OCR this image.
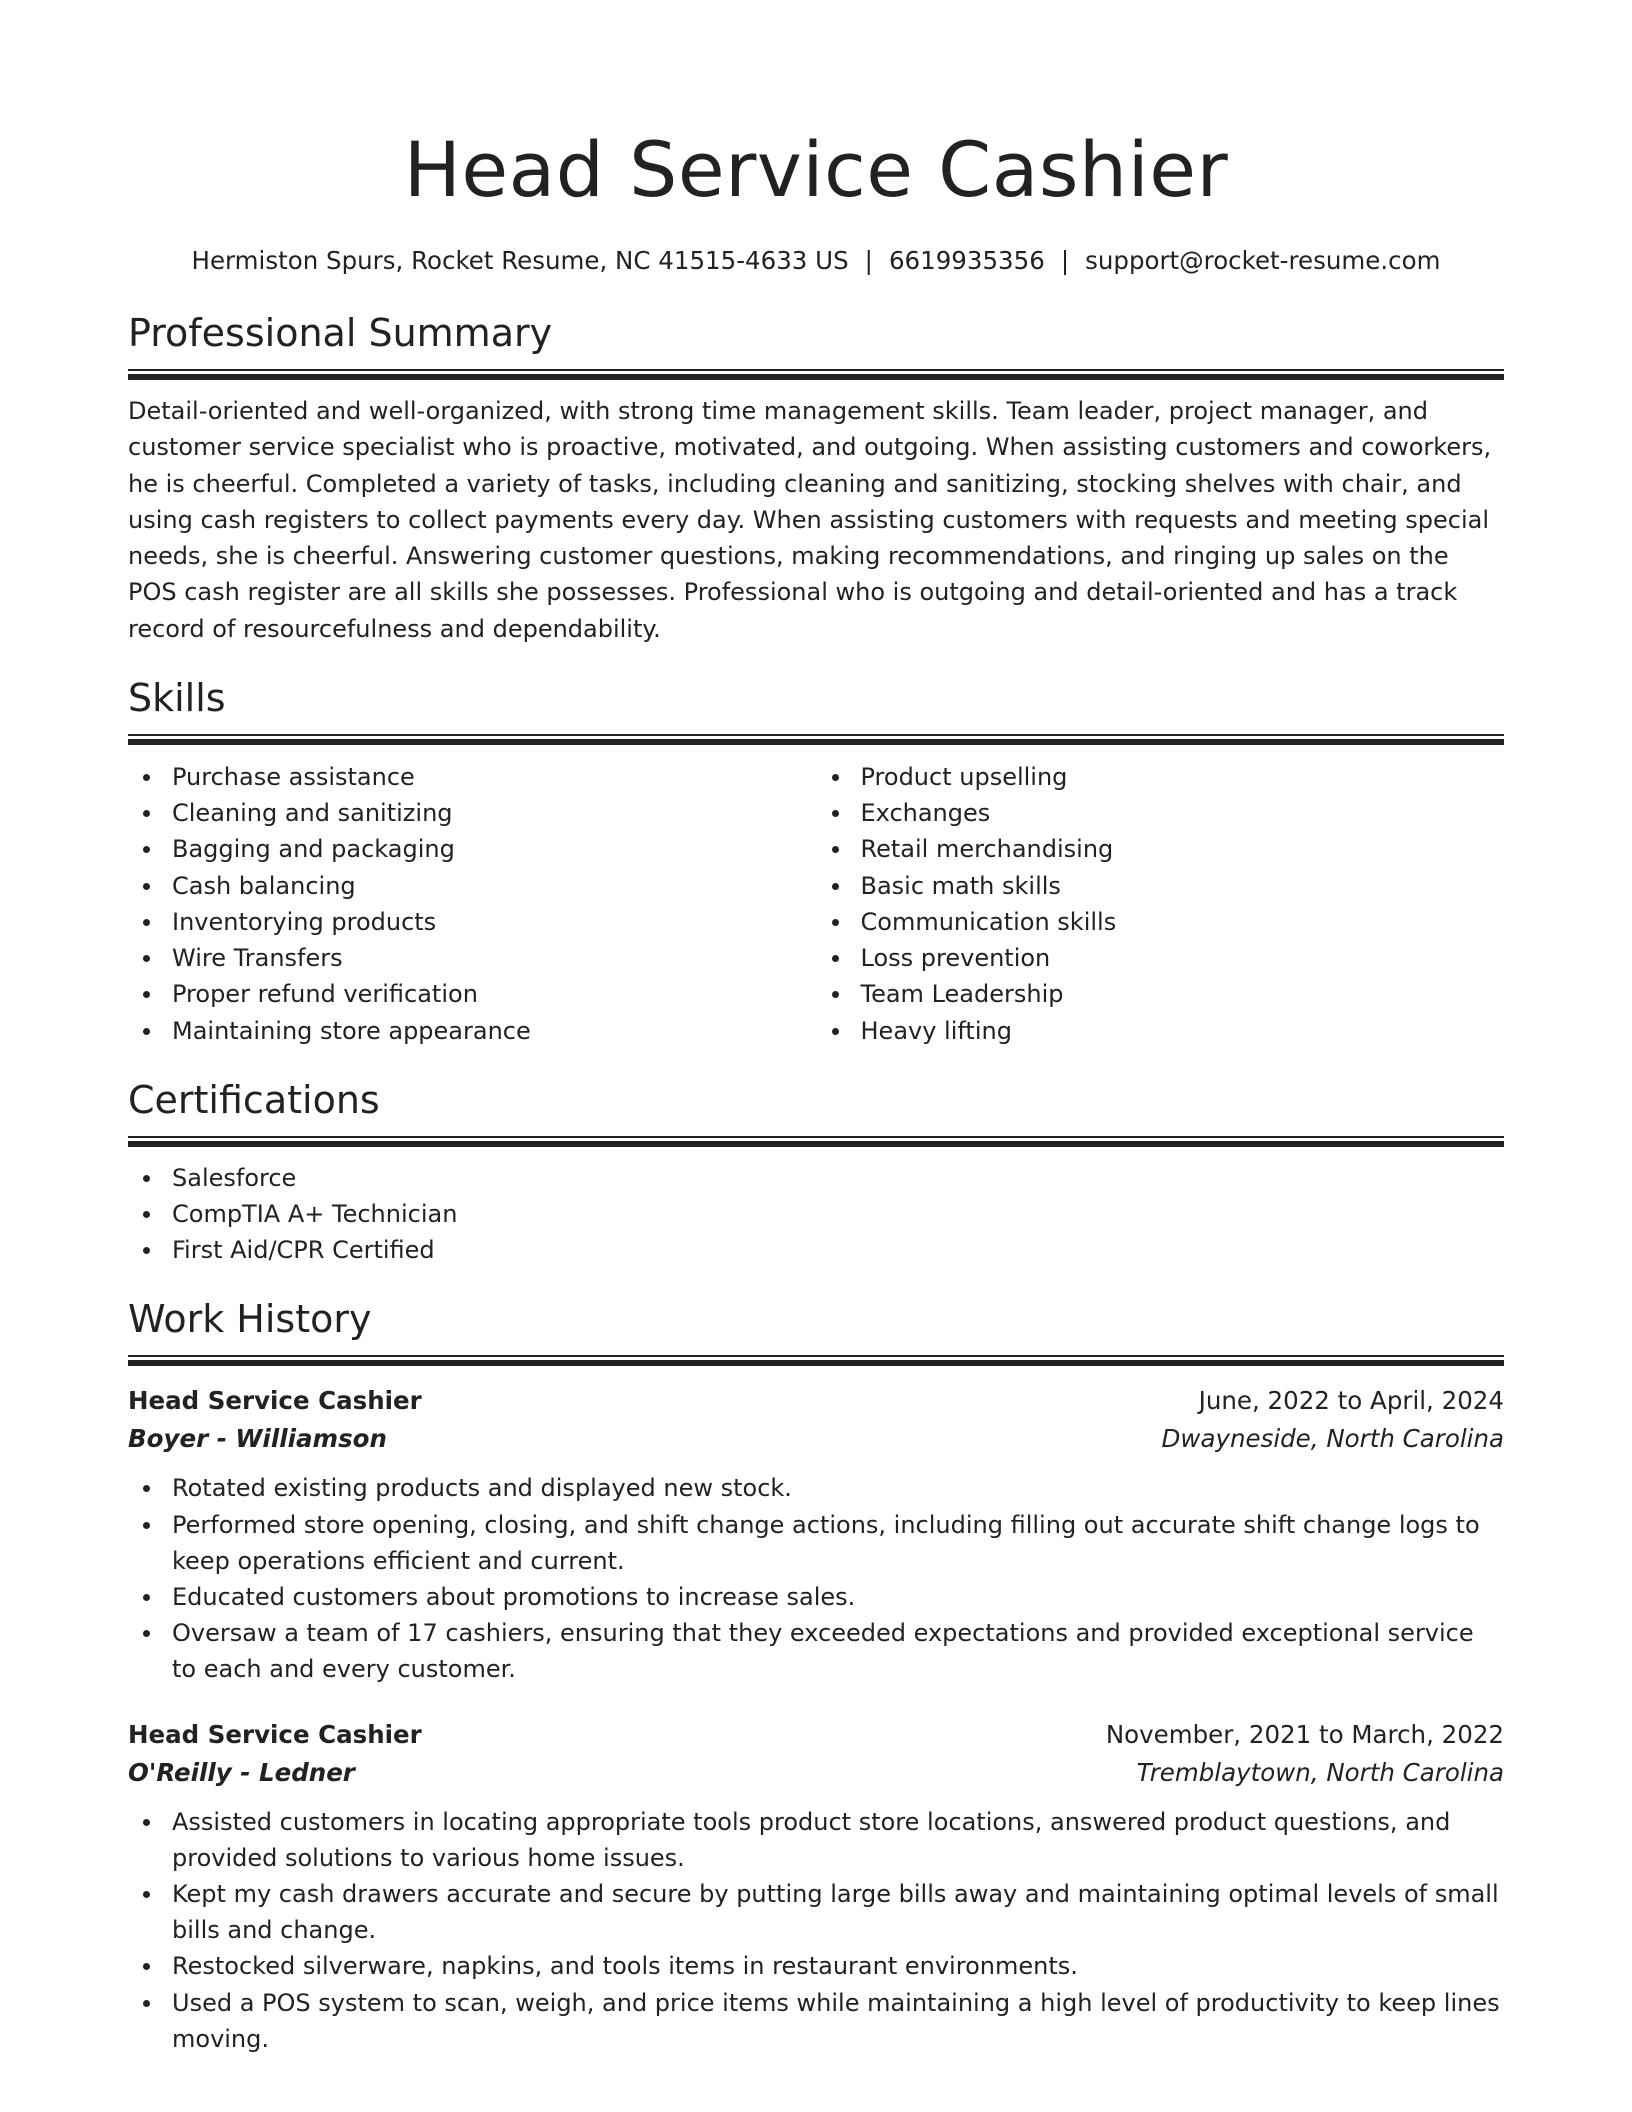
Head Service Cashier
Hermiston Spurs, Rocket Resume, NC 41515-4633 US | 6619935356 | support@rocket-resume.com
Professional Summary

Detail-oriented and well-organized, with strong time management skills. Team leader, project manager, and customer service specialist who is proactive, motivated, and outgoing. When assisting customers and coworkers, he is cheerful. Completed a variety of tasks, including cleaning and sanitizing, stocking shelves with chair, and using cash registers to collect payments every day. When assisting customers with requests and meeting special needs, she is cheerful. Answering customer questions, making recommendations, and ringing up sales on the POS cash register are all skills she possesses. Professional who is outgoing and detail-oriented and has a track record of resourcefulness and dependability.

Skills
Purchase assistance
Cleaning and sanitizing
Bagging and packaging
Cash balancing
Inventorying products
Wire Transfers
Proper refund verification
Maintaining store appearance
Product upselling
Exchanges
Retail merchandising
Basic math skills
Communication skills
Loss prevention
Team Leadership
Heavy lifting
Certifications
Salesforce
CompTIA A+ Technician
First Aid/CPR Certified
Work History
Head Service Cashier	June, 2022 to April, 2024
Boyer - Williamson	Dwayneside, North Carolina
Rotated existing products and displayed new stock.
Performed store opening, closing, and shift change actions, including filling out accurate shift change logs to keep operations efficient and current.
Educated customers about promotions to increase sales.
Oversaw a team of 17 cashiers, ensuring that they exceeded expectations and provided exceptional service to each and every customer.
Head Service Cashier	November, 2021 to March, 2022
O'Reilly - Ledner	Tremblaytown, North Carolina
Assisted customers in locating appropriate tools product store locations, answered product questions, and provided solutions to various home issues.
Kept my cash drawers accurate and secure by putting large bills away and maintaining optimal levels of small bills and change.
Restocked silverware, napkins, and tools items in restaurant environments.
Used a POS system to scan, weigh, and price items while maintaining a high level of productivity to keep lines moving.
